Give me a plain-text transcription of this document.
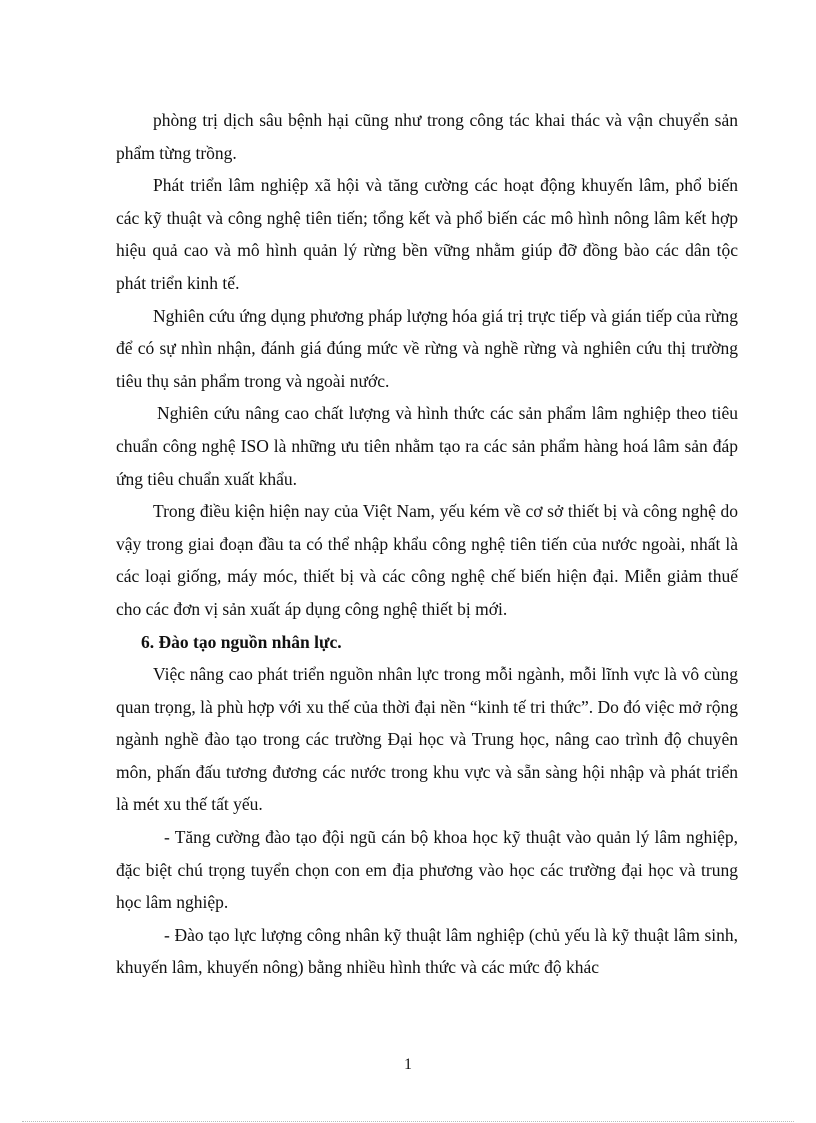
phòng trị dịch sâu bệnh hại cũng như trong công tác khai thác và vận chuyển sản phẩm từng trồng.

Phát triển lâm nghiệp xã hội và tăng cường các hoạt động khuyến lâm, phổ biến các kỹ thuật và công nghệ tiên tiến; tổng kết và phổ biến các mô hình nông lâm kết hợp hiệu quả cao và mô hình quản lý rừng bền vững nhằm giúp đỡ đồng bào các dân tộc phát triển kinh tế.

Nghiên cứu ứng dụng phương pháp lượng hóa giá trị trực tiếp và gián tiếp của rừng để có sự nhìn nhận, đánh giá đúng mức về rừng và nghề rừng và nghiên cứu thị trường tiêu thụ sản phẩm trong và ngoài nước.

Nghiên cứu nâng cao chất lượng và hình thức các sản phẩm lâm nghiệp theo tiêu chuẩn công nghệ ISO là những ưu tiên nhằm tạo ra các sản phẩm hàng hoá lâm sản đáp ứng tiêu chuẩn xuất khẩu.

Trong điều kiện hiện nay của Việt Nam, yếu kém về cơ sở thiết bị và công nghệ do vậy trong giai đoạn đầu ta có thể nhập khẩu công nghệ tiên tiến của nước ngoài, nhất là các loại giống, máy móc, thiết bị và các công nghệ chế biến hiện đại. Miễn giảm thuế cho các đơn vị sản xuất áp dụng công nghệ thiết bị mới.

6. Đào tạo nguồn nhân lực.

Việc nâng cao phát triển nguồn nhân lực trong mỗi ngành, mỗi lĩnh vực là vô cùng quan trọng, là phù hợp với xu thế của thời đại nền “kinh tế tri thức”. Do đó việc mở rộng ngành nghề đào tạo trong các trường Đại học và Trung học, nâng cao trình độ chuyên môn, phấn đấu tương đương các nước trong khu vực và sẵn sàng hội nhập và phát triển là mét xu thế tất yếu.

- Tăng cường đào tạo đội ngũ cán bộ khoa học kỹ thuật vào quản lý lâm nghiệp, đặc biệt chú trọng tuyển chọn con em địa phương vào học các trường đại học và trung học lâm nghiệp.

- Đào tạo lực lượng công nhân kỹ thuật lâm nghiệp (chủ yếu là kỹ thuật lâm sinh, khuyến lâm, khuyến nông) bằng nhiều hình thức và các mức độ khác

1
